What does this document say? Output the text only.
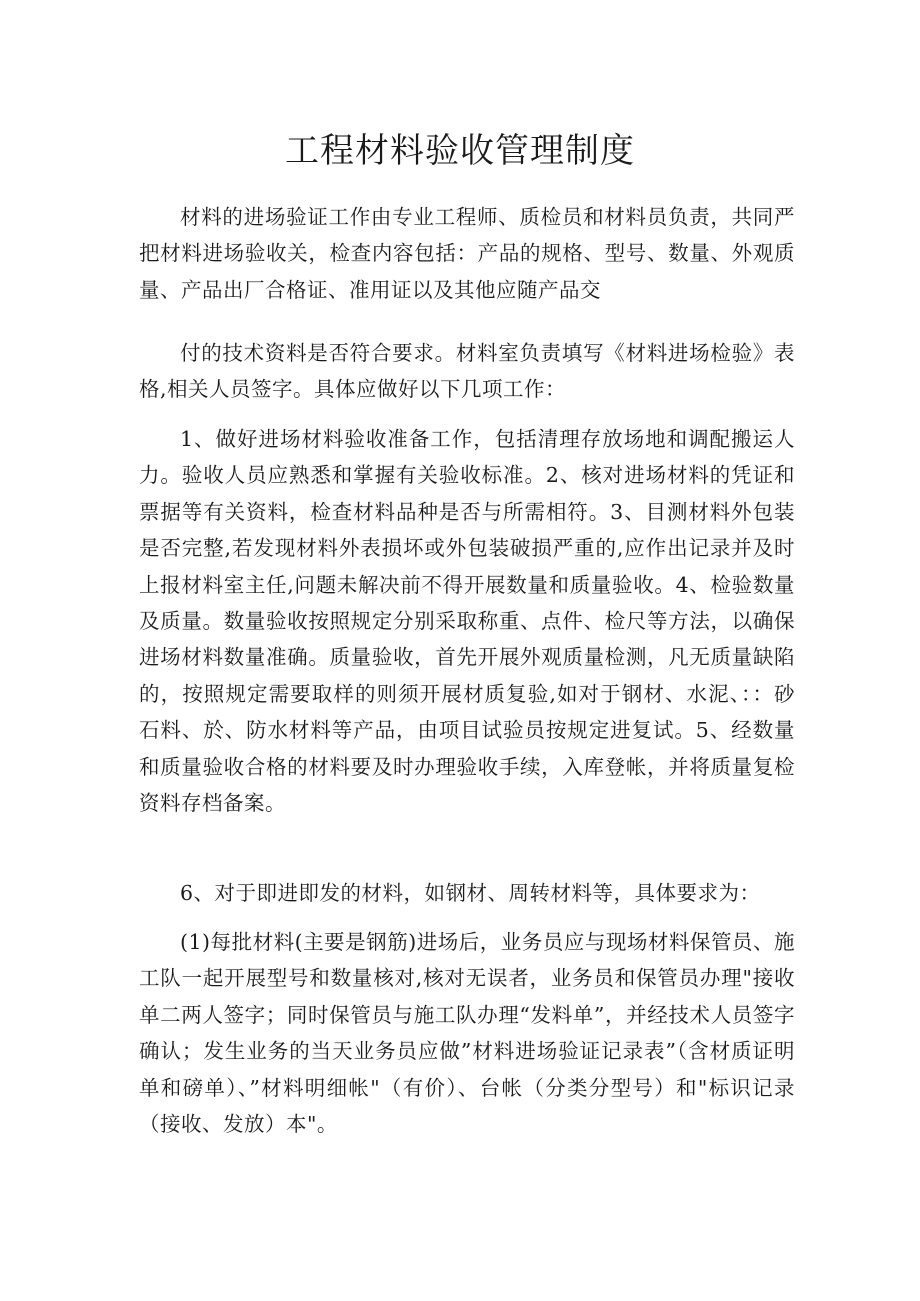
工程材料验收管理制度

材料的进场验证工作由专业工程师、质检员和材料员负责，共同严把材料进场验收关，检查内容包括：产品的规格、型号、数量、外观质量、产品出厂合格证、准用证以及其他应随产品交

付的技术资料是否符合要求。材料室负责填写《材料进场检验》表格,相关人员签字。具体应做好以下几项工作：

1、做好进场材料验收准备工作，包括清理存放场地和调配搬运人力。验收人员应熟悉和掌握有关验收标准。2、核对进场材料的凭证和票据等有关资料，检查材料品种是否与所需相符。3、目测材料外包装是否完整,若发现材料外表损坏或外包装破损严重的,应作出记录并及时上报材料室主任,问题未解决前不得开展数量和质量验收。4、检验数量及质量。数量验收按照规定分别采取称重、点件、检尺等方法，以确保进场材料数量准确。质量验收，首先开展外观质量检测，凡无质量缺陷的，按照规定需要取样的则须开展材质复验,如对于钢材、水泥、：：砂石料、於、防水材料等产品，由项目试验员按规定进复试。5、经数量和质量验收合格的材料要及时办理验收手续，入库登帐，并将质量复检资料存档备案。

6、对于即进即发的材料，如钢材、周转材料等，具体要求为：

(1)每批材料(主要是钢筋)进场后，业务员应与现场材料保管员、施工队一起开展型号和数量核对,核对无误者，业务员和保管员办理"接收单二两人签字；同时保管员与施工队办理“发料单”，并经技术人员签字确认；发生业务的当天业务员应做”材料进场验证记录表”（含材质证明单和磅单）、”材料明细帐"（有价）、台帐（分类分型号）和"标识记录（接收、发放）本"。
